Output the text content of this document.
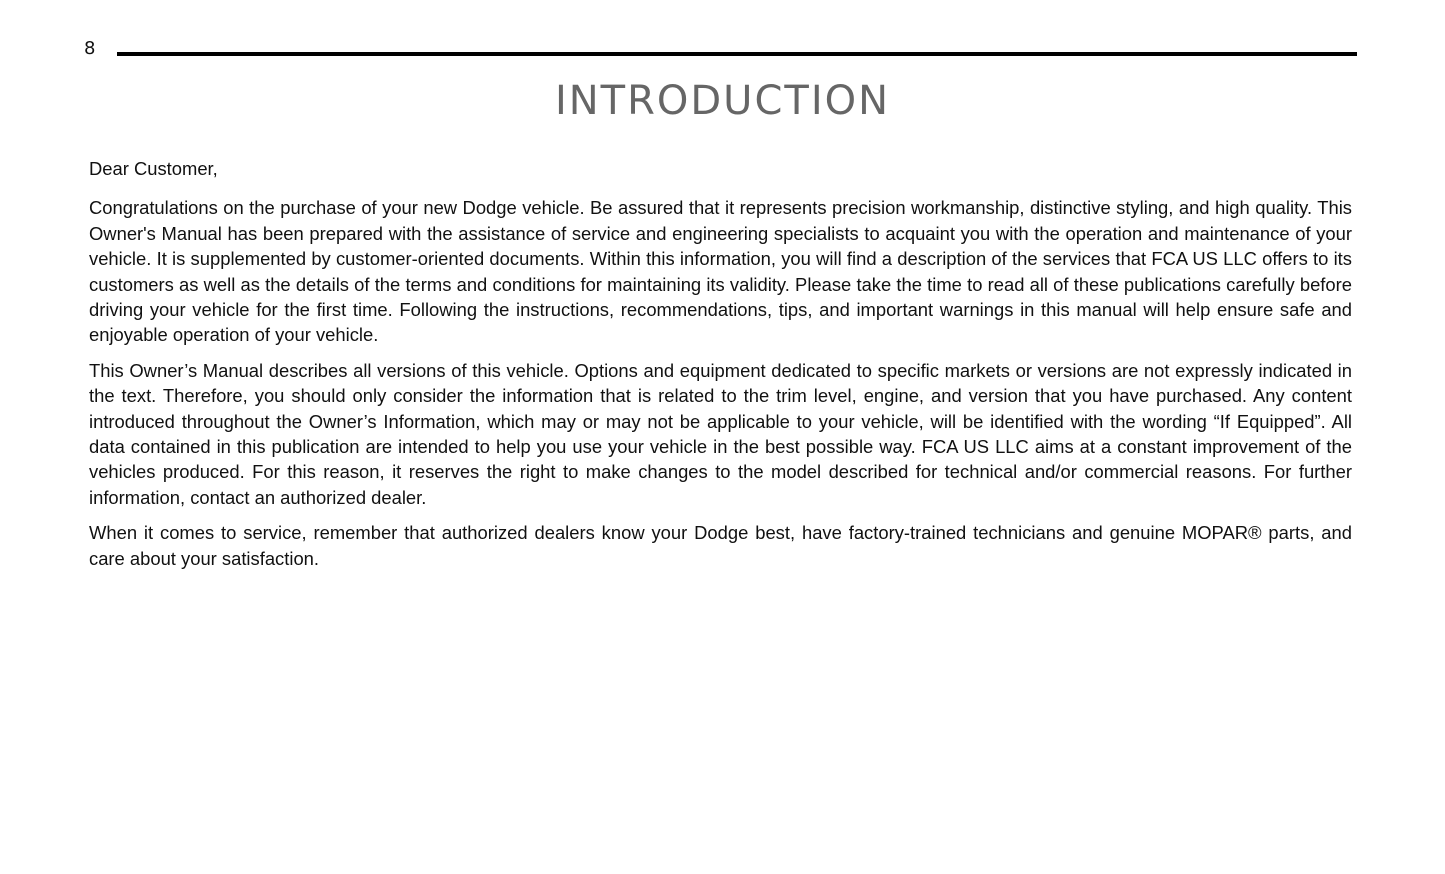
8
INTRODUCTION

Dear Customer,

Congratulations on the purchase of your new Dodge vehicle. Be assured that it represents precision workmanship, distinctive styling, and high quality. This Owner's Manual has been prepared with the assistance of service and engineering specialists to acquaint you with the operation and maintenance of your vehicle. It is supplemented by customer-oriented documents. Within this information, you will find a description of the services that FCA US LLC offers to its customers as well as the details of the terms and conditions for maintaining its validity. Please take the time to read all of these publications carefully before driving your vehicle for the first time. Following the instructions, recommendations, tips, and important warnings in this manual will help ensure safe and enjoyable operation of your vehicle.

This Owner’s Manual describes all versions of this vehicle. Options and equipment dedicated to specific markets or versions are not expressly indicated in the text. Therefore, you should only consider the information that is related to the trim level, engine, and version that you have purchased. Any content introduced throughout the Owner’s Information, which may or may not be applicable to your vehicle, will be identified with the wording “If Equipped”. All data contained in this publication are intended to help you use your vehicle in the best possible way. FCA US LLC aims at a constant improvement of the vehicles produced. For this reason, it reserves the right to make changes to the model described for technical and/or commercial reasons. For further information, contact an authorized dealer.

When it comes to service, remember that authorized dealers know your Dodge best, have factory-trained technicians and genuine MOPAR® parts, and care about your satisfaction.
